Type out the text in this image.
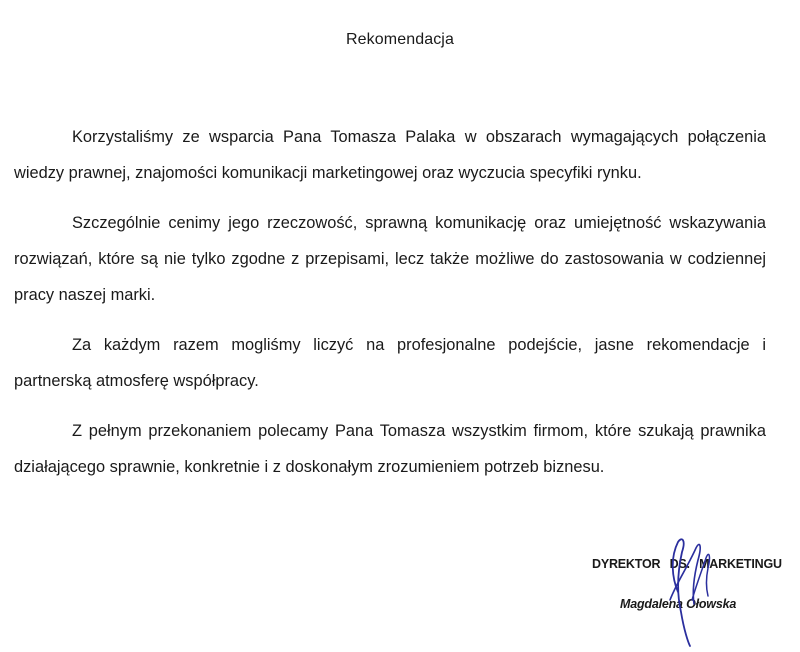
Rekomendacja

Korzystaliśmy ze wsparcia Pana Tomasza Palaka w obszarach wymagających połączenia wiedzy prawnej, znajomości komunikacji marketingowej oraz wyczucia specyfiki rynku.

Szczególnie cenimy jego rzeczowość, sprawną komunikację oraz umiejętność wskazywania rozwiązań, które są nie tylko zgodne z przepisami, lecz także możliwe do zastosowania w codziennej pracy naszej marki.

Za każdym razem mogliśmy liczyć na profesjonalne podejście, jasne rekomendacje i partnerską atmosferę współpracy.

Z pełnym przekonaniem polecamy Pana Tomasza wszystkim firmom, które szukają prawnika działającego sprawnie, konkretnie i z doskonałym zrozumieniem potrzeb biznesu.

DYREKTOR DS. MARKETINGU
Magdalena Ołowska
